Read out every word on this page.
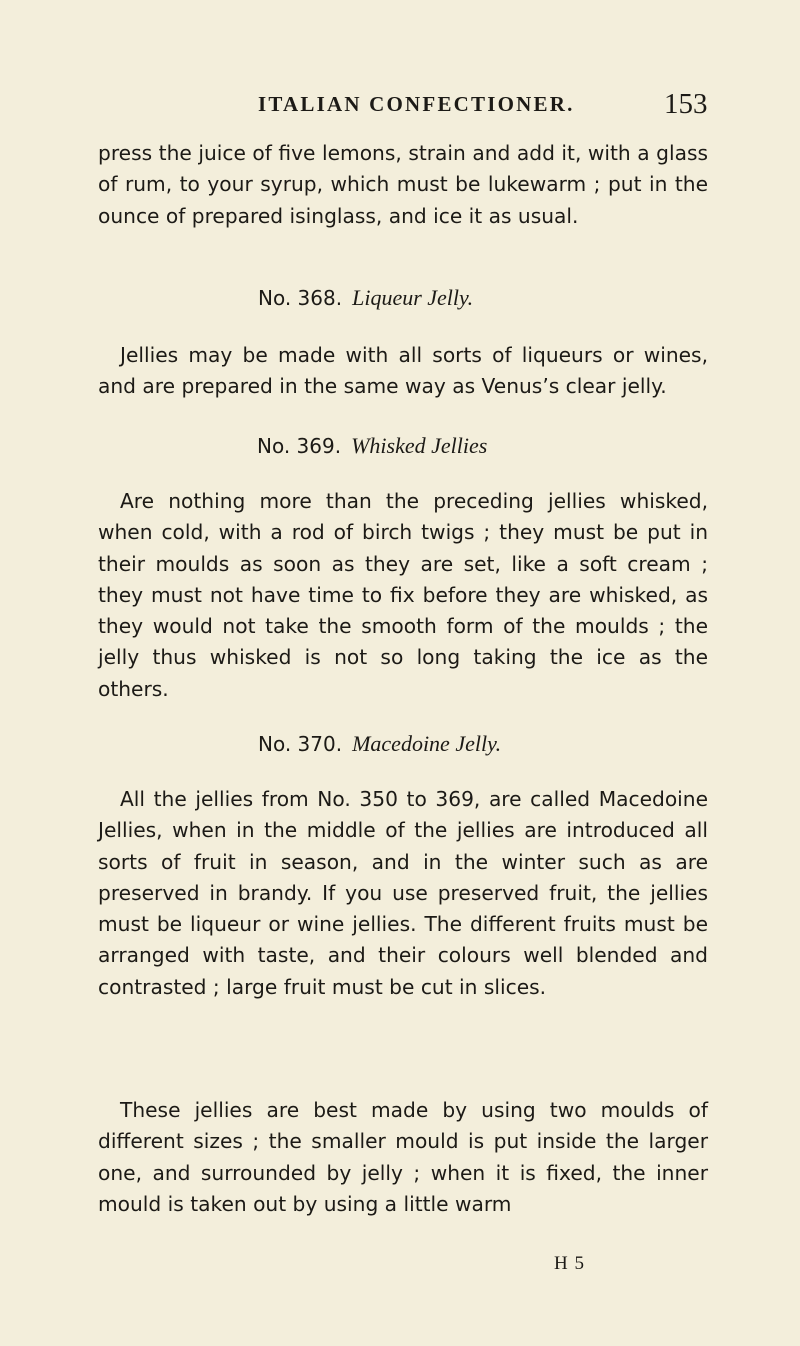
ITALIAN CONFECTIONER.	153

press the juice of five lemons, strain and add it, with a glass of rum, to your syrup, which must be lukewarm ; put in the ounce of prepared isinglass, and ice it as usual.

No. 368. Liqueur Jelly.

Jellies may be made with all sorts of liqueurs or wines, and are prepared in the same way as Venus’s clear jelly.

No. 369. Whisked Jellies

Are nothing more than the preceding jellies whisked, when cold, with a rod of birch twigs ; they must be put in their moulds as soon as they are set, like a soft cream ; they must not have time to fix before they are whisked, as they would not take the smooth form of the moulds ; the jelly thus whisked is not so long taking the ice as the others.

No. 370. Macedoine Jelly.

All the jellies from No. 350 to 369, are called Macedoine Jellies, when in the middle of the jellies are introduced all sorts of fruit in season, and in the winter such as are preserved in brandy. If you use preserved fruit, the jellies must be liqueur or wine jellies. The different fruits must be arranged with taste, and their colours well blended and contrasted ; large fruit must be cut in slices.

These jellies are best made by using two moulds of different sizes ; the smaller mould is put inside the larger one, and surrounded by jelly ; when it is fixed, the inner mould is taken out by using a little warm

H 5
